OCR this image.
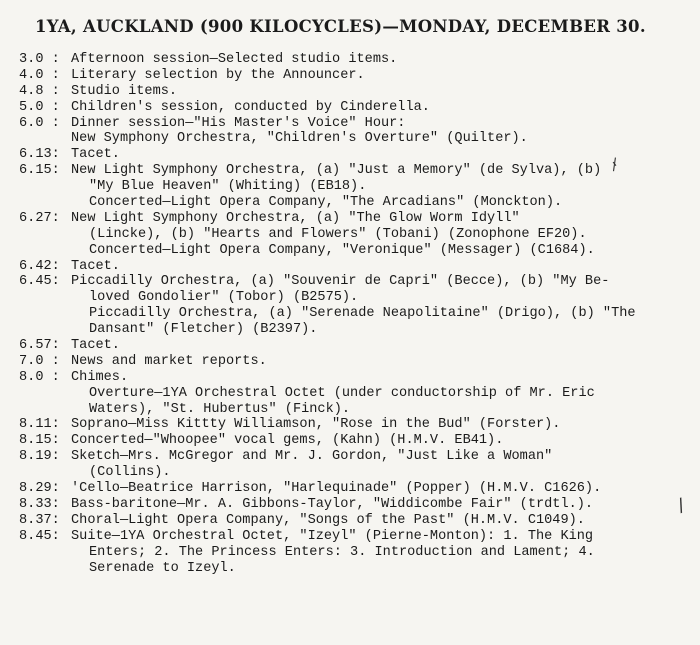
1YA, AUCKLAND (900 KILOCYCLES)—MONDAY, DECEMBER 30.
3.0 : Afternoon session—Selected studio items.
4.0 : Literary selection by the Announcer.
4.8 : Studio items.
5.0 : Children's session, conducted by Cinderella.
6.0 : Dinner session—"His Master's Voice" Hour:
New Symphony Orchestra, "Children's Overture" (Quilter).
6.13: Tacet.
6.15: New Light Symphony Orchestra, (a) "Just a Memory" (de Sylva), (b)
"My Blue Heaven" (Whiting) (EB18).
Concerted—Light Opera Company, "The Arcadians" (Monckton).
6.27: New Light Symphony Orchestra, (a) "The Glow Worm Idyll"
(Lincke), (b) "Hearts and Flowers" (Tobani) (Zonophone EF20).
Concerted—Light Opera Company, "Veronique" (Messager) (C1684).
6.42: Tacet.
6.45: Piccadilly Orchestra, (a) "Souvenir de Capri" (Becce), (b) "My Be-
loved Gondolier" (Tobor) (B2575).
Piccadilly Orchestra, (a) "Serenade Neapolitaine" (Drigo), (b) "The
Dansant" (Fletcher) (B2397).
6.57: Tacet.
7.0 : News and market reports.
8.0 : Chimes.
Overture—1YA Orchestral Octet (under conductorship of Mr. Eric
Waters), "St. Hubertus" (Finck).
8.11: Soprano—Miss Kittty Williamson, "Rose in the Bud" (Forster).
8.15: Concerted—"Whoopee" vocal gems, (Kahn) (H.M.V. EB41).
8.19: Sketch—Mrs. McGregor and Mr. J. Gordon, "Just Like a Woman"
(Collins).
8.29: 'Cello—Beatrice Harrison, "Harlequinade" (Popper) (H.M.V. C1626).
8.33: Bass-baritone—Mr. A. Gibbons-Taylor, "Widdicombe Fair" (trdtl.).
8.37: Choral—Light Opera Company, "Songs of the Past" (H.M.V. C1049).
8.45: Suite—1YA Orchestral Octet, "Izeyl" (Pierne-Monton): 1. The King
Enters; 2. The Princess Enters: 3. Introduction and Lament; 4.
Serenade to Izeyl.
⫮
∕
